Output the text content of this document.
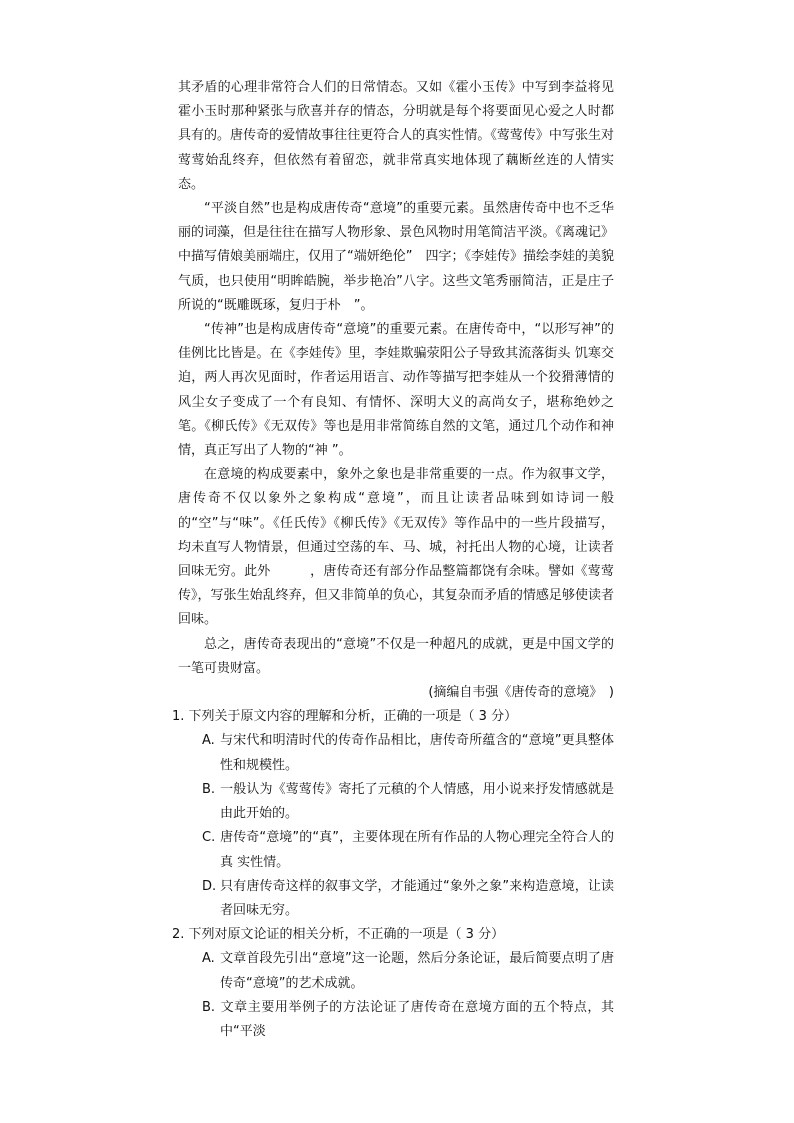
其矛盾的心理非常符合人们的日常情态。又如《霍小玉传》中写到李益将见霍小玉时那种紧张与欣喜并存的情态，分明就是每个将要面见心爱之人时都具有的。唐传奇的爱情故事往往更符合人的真实性情。《莺莺传》中写张生对莺莺始乱终弃，但依然有着留恋，就非常真实地体现了藕断丝连的人情实态。

“平淡自然”也是构成唐传奇“意境”的重要元素。虽然唐传奇中也不乏华丽的词藻，但是往往在描写人物形象、景色风物时用笔简洁平淡。《离魂记》中描写倩娘美丽端庄，仅用了“端妍绝伦”　四字；《李娃传》描绘李娃的美貌气质，也只使用“明眸皓腕，举步艳冶”八字。这些文笔秀丽简洁，正是庄子所说的“既雕既琢，复归于朴　”。

“传神”也是构成唐传奇“意境”的重要元素。在唐传奇中，“以形写神”的佳例比比皆是。在《李娃传》里，李娃欺骗荥阳公子导致其流落街头 饥寒交迫，两人再次见面时，作者运用语言、动作等描写把李娃从一个狡猾薄情的风尘女子变成了一个有良知、有情怀、深明大义的高尚女子，堪称绝妙之笔。《柳氏传》《无双传》等也是用非常简练自然的文笔，通过几个动作和神情，真正写出了人物的“神 ”。

在意境的构成要素中，象外之象也是非常重要的一点。作为叙事文学，唐传奇不仅以象外之象构成“意境”，而且让读者品味到如诗词一般的“空”与“味”。《任氏传》《柳氏传》《无双传》等作品中的一些片段描写，均未直写人物情景，但通过空荡的车、马、城，衬托出人物的心境，让读者回味无穷。此外　　　，唐传奇还有部分作品整篇都饶有余味。譬如《莺莺传》，写张生始乱终弃，但又非简单的负心，其复杂而矛盾的情感足够使读者回味。

总之，唐传奇表现出的“意境”不仅是一种超凡的成就，更是中国文学的一笔可贵财富。

(摘编自韦强《唐传奇的意境》　)

1. 下列关于原文内容的理解和分析，正确的一项是（ 3 分）

A. 与宋代和明清时代的传奇作品相比，唐传奇所蕴含的“意境”更具整体性和规模性。

B. 一般认为《莺莺传》寄托了元稹的个人情感，用小说来抒发情感就是由此开始的。

C. 唐传奇“意境”的“真”，主要体现在所有作品的人物心理完全符合人的真 实性情。

D. 只有唐传奇这样的叙事文学，才能通过“象外之象”来构造意境，让读者回味无穷。

2. 下列对原文论证的相关分析，不正确的一项是（ 3 分）

A. 文章首段先引出“意境”这一论题，然后分条论证，最后简要点明了唐 传奇“意境”的艺术成就。

B. 文章主要用举例子的方法论证了唐传奇在意境方面的五个特点，其中“平淡
